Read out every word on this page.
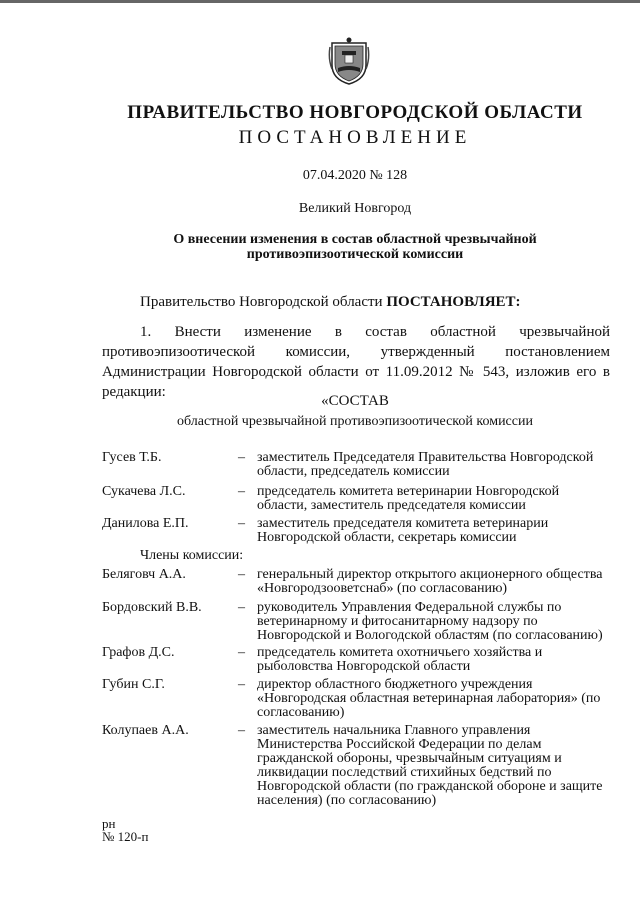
ПРАВИТЕЛЬСТВО НОВГОРОДСКОЙ ОБЛАСТИ
ПОСТАНОВЛЕНИЕ
07.04.2020 № 128
Великий Новгород
О внесении изменения в состав областной чрезвычайной
противоэпизоотической комиссии
Правительство Новгородской области ПОСТАНОВЛЯЕТ:
1. Внести изменение в состав областной чрезвычайной противоэпизоотической комиссии, утвержденный постановлением Администрации Новгородской области от 11.09.2012 № 543, изложив его в редакции:
«СОСТАВ
областной чрезвычайной противоэпизоотической комиссии
Гусев Т.Б.	– заместитель Председателя Правительства Новгородской области, председатель комиссии
Сукачева Л.С.	– председатель комитета ветеринарии Новгородской области, заместитель председателя комиссии
Данилова Е.П.	– заместитель председателя комитета ветеринарии Новгородской области, секретарь комиссии
Члены комиссии:
Беляговч А.А.	– генеральный директор открытого акционерного общества «Новгородзооветснаб» (по согласованию)
Бордовский В.В.	– руководитель Управления Федеральной службы по ветеринарному и фитосанитарному надзору по Новгородской и Вологодской областям (по согласованию)
Графов Д.С.	– председатель комитета охотничьего хозяйства и рыболовства Новгородской области
Губин С.Г.	– директор областного бюджетного учреждения «Новгородская областная ветеринарная лаборатория» (по согласованию)
Колупаев А.А.	– заместитель начальника Главного управления Министерства Российской Федерации по делам гражданской обороны, чрезвычайным ситуациям и ликвидации последствий стихийных бедствий по Новгородской области (по гражданской обороне и защите населения) (по согласованию)
рн
№ 120-п
